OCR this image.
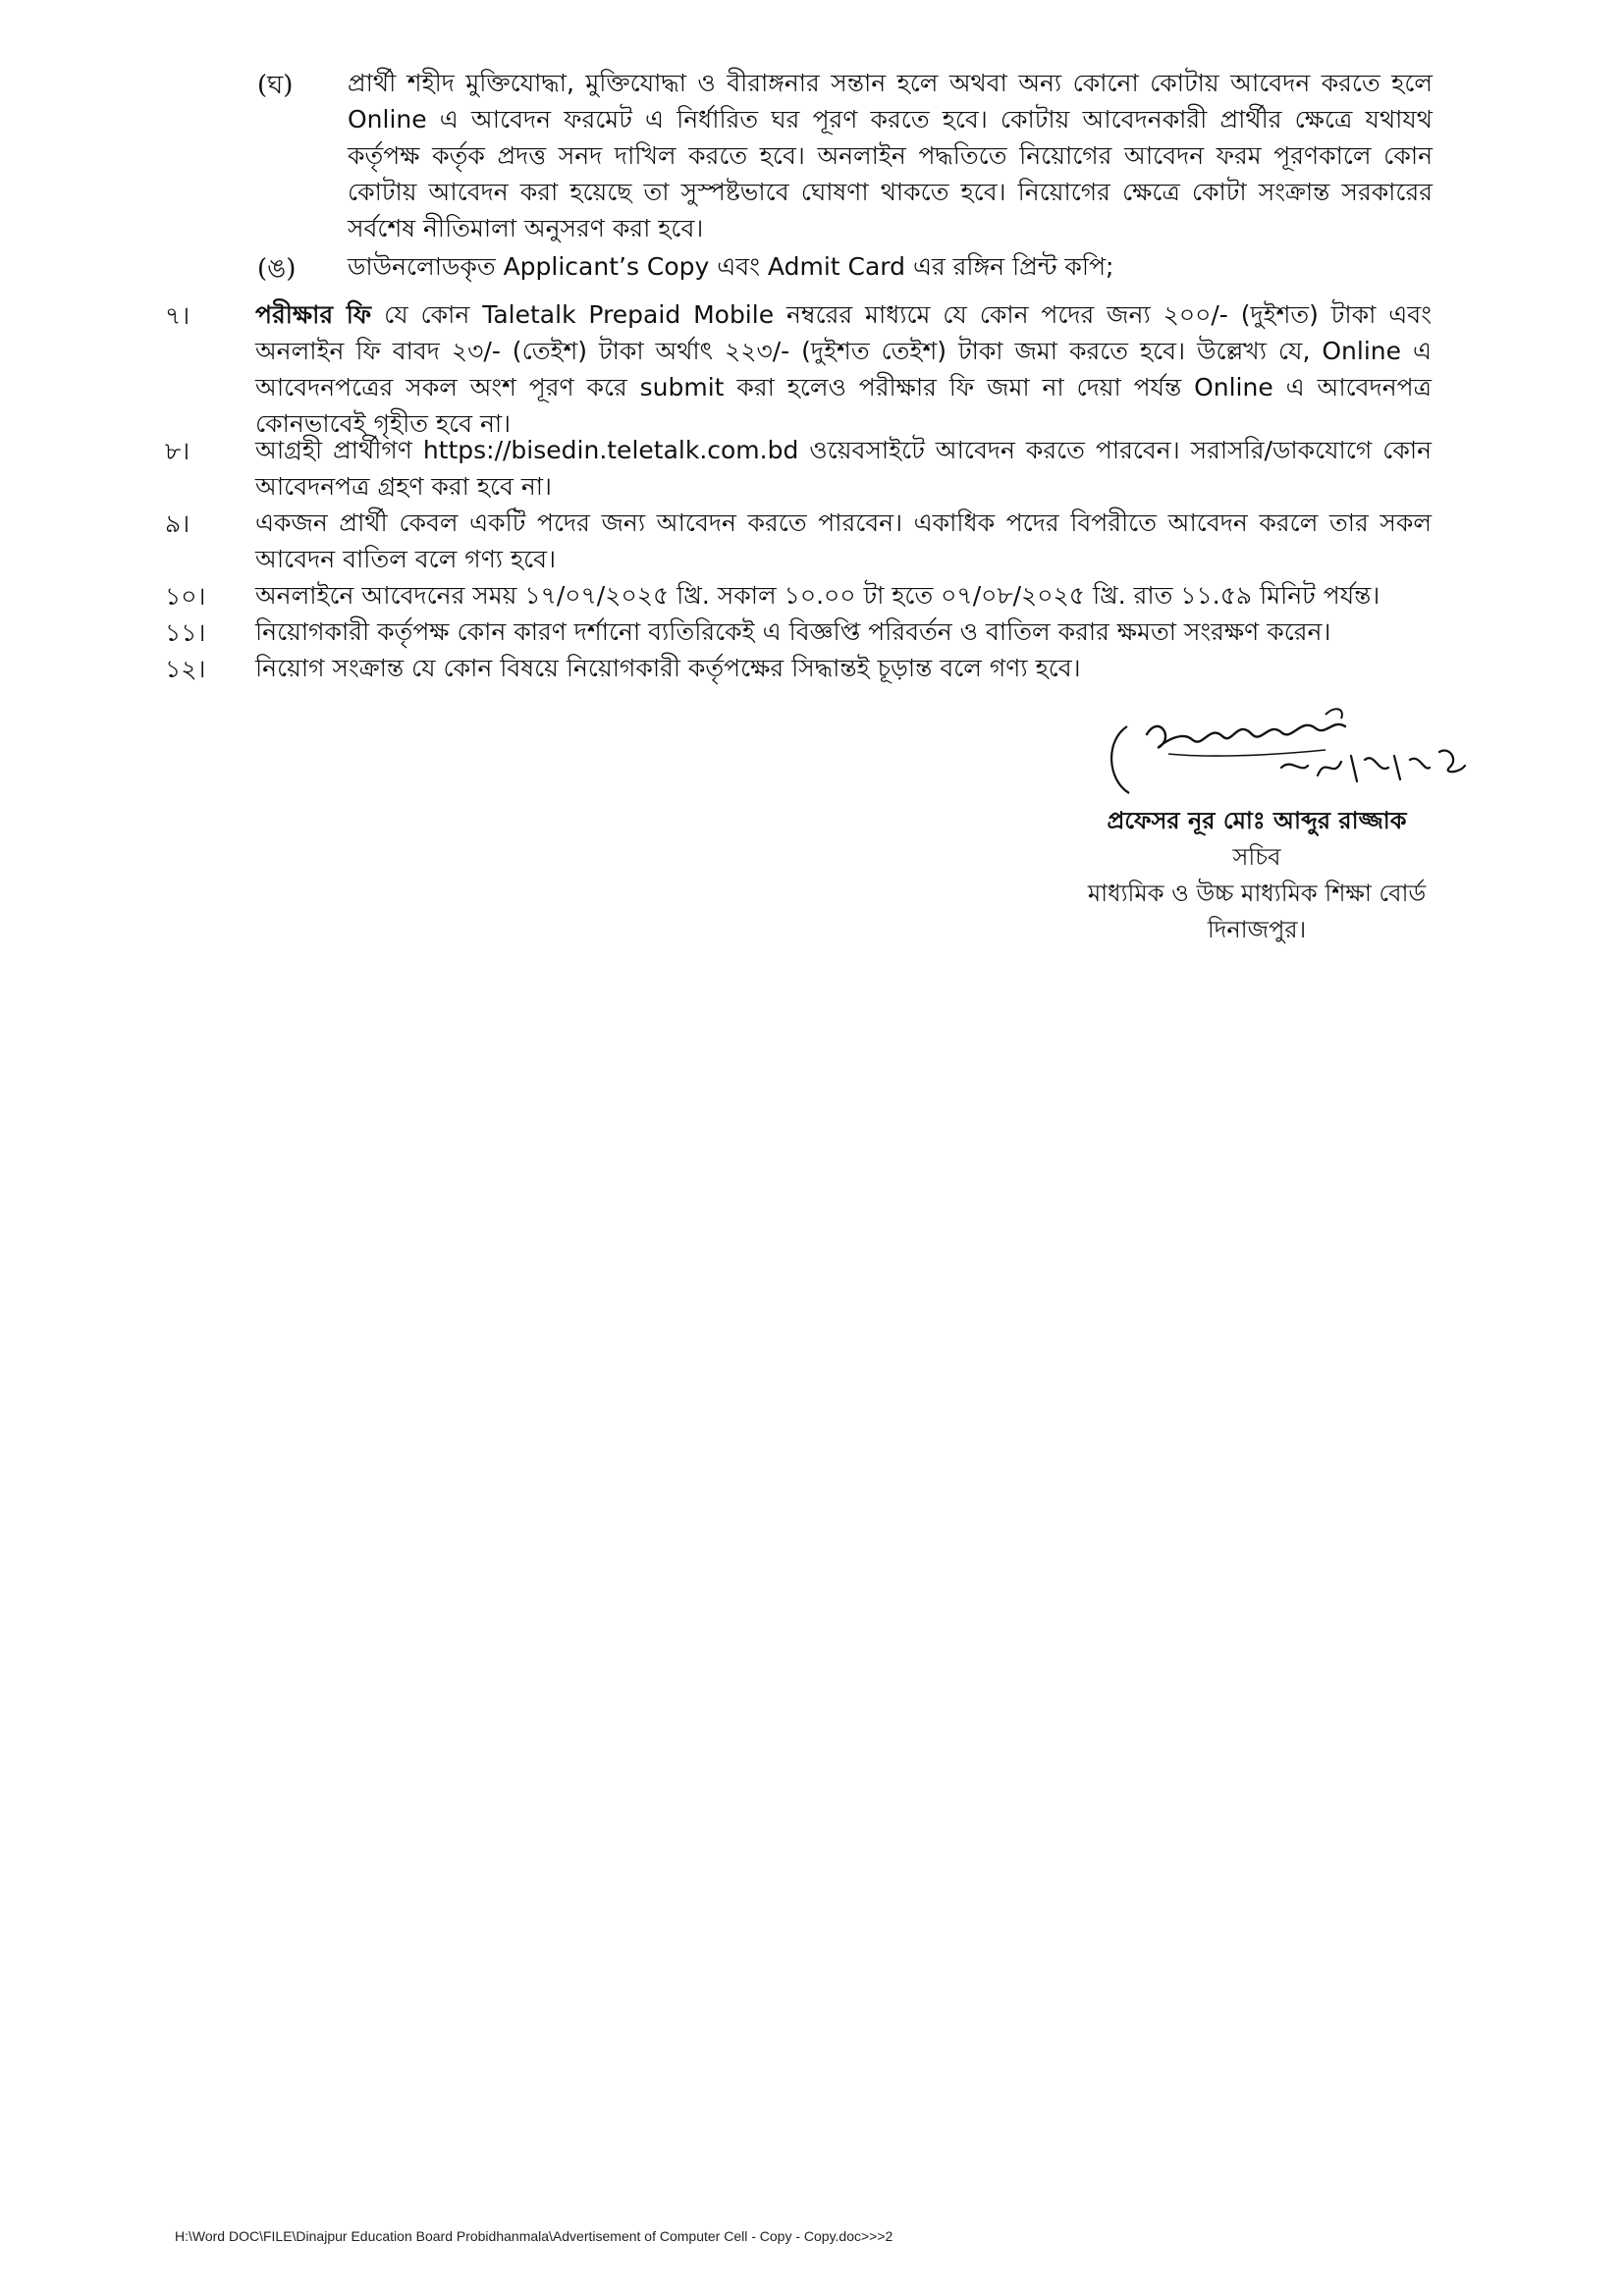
(ঘ) প্রার্থী শহীদ মুক্তিযোদ্ধা, মুক্তিযোদ্ধা ও বীরাঙ্গনার সন্তান হলে অথবা অন্য কোনো কোটায় আবেদন করতে হলে Online এ আবেদন ফরমেট এ নির্ধারিত ঘর পূরণ করতে হবে। কোটায় আবেদনকারী প্রার্থীর ক্ষেত্রে যথাযথ কর্তৃপক্ষ কর্তৃক প্রদত্ত সনদ দাখিল করতে হবে। অনলাইন পদ্ধতিতে নিয়োগের আবেদন ফরম পূরণকালে কোন কোটায় আবেদন করা হয়েছে তা সুস্পষ্টভাবে ঘোষণা থাকতে হবে। নিয়োগের ক্ষেত্রে কোটা সংক্রান্ত সরকারের সর্বশেষ নীতিমালা অনুসরণ করা হবে।
(ঙ) ডাউনলোডকৃত Applicant’s Copy এবং Admit Card এর রঙ্গিন প্রিন্ট কপি;
৭।	পরীক্ষার ফি যে কোন Taletalk Prepaid Mobile নম্বরের মাধ্যমে যে কোন পদের জন্য ২০০/- (দুইশত) টাকা এবং অনলাইন ফি বাবদ ২৩/- (তেইশ) টাকা অর্থাৎ ২২৩/- (দুইশত তেইশ) টাকা জমা করতে হবে। উল্লেখ্য যে, Online এ আবেদনপত্রের সকল অংশ পূরণ করে submit করা হলেও পরীক্ষার ফি জমা না দেয়া পর্যন্ত Online এ আবেদনপত্র কোনভাবেই গৃহীত হবে না।
৮।	আগ্রহী প্রার্থীগণ https://bisedin.teletalk.com.bd ওয়েবসাইটে আবেদন করতে পারবেন। সরাসরি/ডাকযোগে কোন আবেদনপত্র গ্রহণ করা হবে না।
৯।	একজন প্রার্থী কেবল একটি পদের জন্য আবেদন করতে পারবেন। একাধিক পদের বিপরীতে আবেদন করলে তার সকল আবেদন বাতিল বলে গণ্য হবে।
১০। অনলাইনে আবেদনের সময় ১৭/০৭/২০২৫ খ্রি. সকাল ১০.০০ টা হতে ০৭/০৮/২০২৫ খ্রি. রাত ১১.৫৯ মিনিট পর্যন্ত।
১১। নিয়োগকারী কর্তৃপক্ষ কোন কারণ দর্শানো ব্যতিরিকেই এ বিজ্ঞপ্তি পরিবর্তন ও বাতিল করার ক্ষমতা সংরক্ষণ করেন।
১২। নিয়োগ সংক্রান্ত যে কোন বিষয়ে নিয়োগকারী কর্তৃপক্ষের সিদ্ধান্তই চূড়ান্ত বলে গণ্য হবে।
প্রফেসর নূর মোঃ আব্দুর রাজ্জাক
সচিব
মাধ্যমিক ও উচ্চ মাধ্যমিক শিক্ষা বোর্ড
দিনাজপুর।
H:\Word DOC\FILE\Dinajpur Education Board Probidhanmala\Advertisement of Computer Cell - Copy - Copy.doc>>>2
